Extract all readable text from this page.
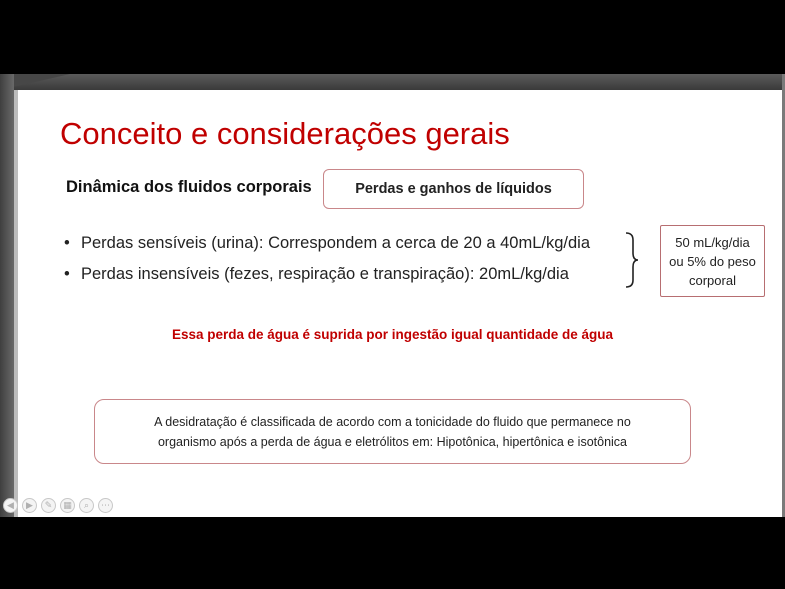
Conceito e considerações gerais
Dinâmica dos fluidos corporais	Perdas e ganhos de líquidos
• Perdas sensíveis (urina): Correspondem a cerca de 20 a 40mL/kg/dia
• Perdas insensíveis (fezes, respiração e transpiração): 20mL/kg/dia
50 mL/kg/dia
ou 5% do peso
corporal

Essa perda de água é suprida por ingestão igual quantidade de água

A desidratação é classificada de acordo com a tonicidade do fluido que permanece no
organismo após a perda de água e eletrólitos em: Hipotônica, hipertônica e isotônica
◀	▶	✎	▦	⌕	⋯
